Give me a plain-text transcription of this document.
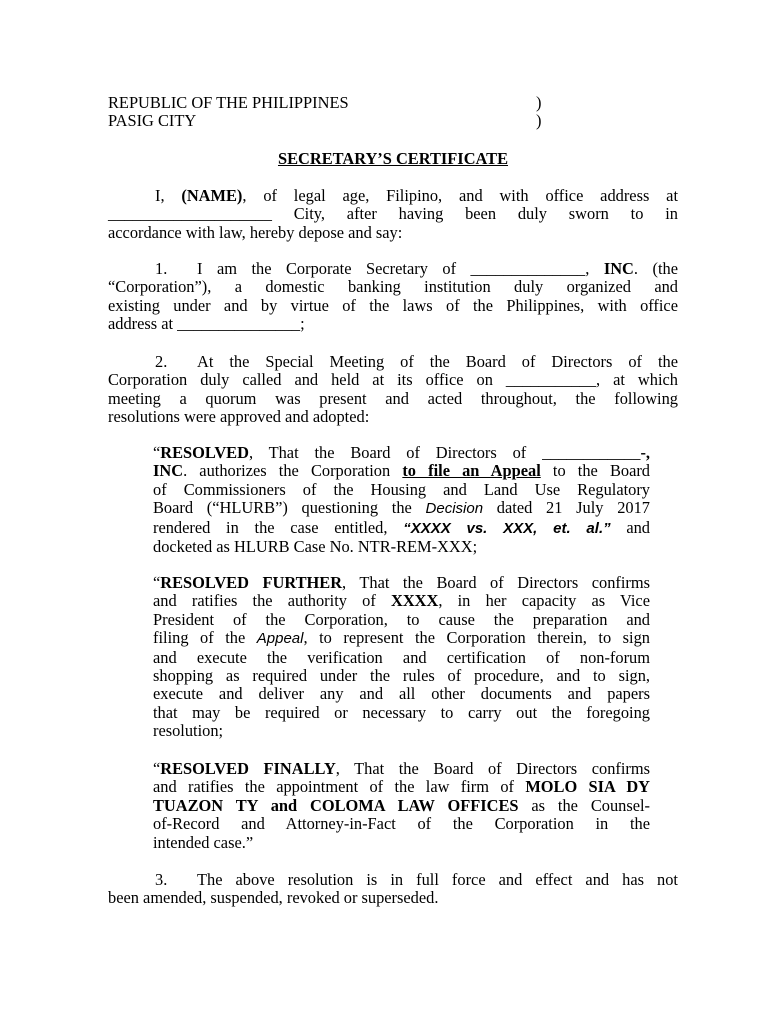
REPUBLIC OF THE PHILIPPINES	)
PASIG CITY	)
SECRETARY’S CERTIFICATE
I, (NAME), of legal age, Filipino, and with office address at
____________________ City, after having been duly sworn to in
accordance with law, hereby depose and say:
1. I am the Corporate Secretary of ______________, INC. (the
“Corporation”), a domestic banking institution duly organized and
existing under and by virtue of the laws of the Philippines, with office
address at _______________;
2. At the Special Meeting of the Board of Directors of the
Corporation duly called and held at its office on ___________, at which
meeting a quorum was present and acted throughout, the following
resolutions were approved and adopted:
“RESOLVED, That the Board of Directors of ____________-,
INC. authorizes the Corporation to file an Appeal to the Board
of Commissioners of the Housing and Land Use Regulatory
Board (“HLURB”) questioning the Decision dated 21 July 2017
rendered in the case entitled, “XXXX vs. XXX, et. al.” and
docketed as HLURB Case No. NTR-REM-XXX;
“RESOLVED FURTHER, That the Board of Directors confirms
and ratifies the authority of XXXX, in her capacity as Vice
President of the Corporation, to cause the preparation and
filing of the Appeal, to represent the Corporation therein, to sign
and execute the verification and certification of non-forum
shopping as required under the rules of procedure, and to sign,
execute and deliver any and all other documents and papers
that may be required or necessary to carry out the foregoing
resolution;
“RESOLVED FINALLY, That the Board of Directors confirms
and ratifies the appointment of the law firm of MOLO SIA DY
TUAZON TY and COLOMA LAW OFFICES as the Counsel-
of-Record and Attorney-in-Fact of the Corporation in the
intended case.”
3. The above resolution is in full force and effect and has not
been amended, suspended, revoked or superseded.
